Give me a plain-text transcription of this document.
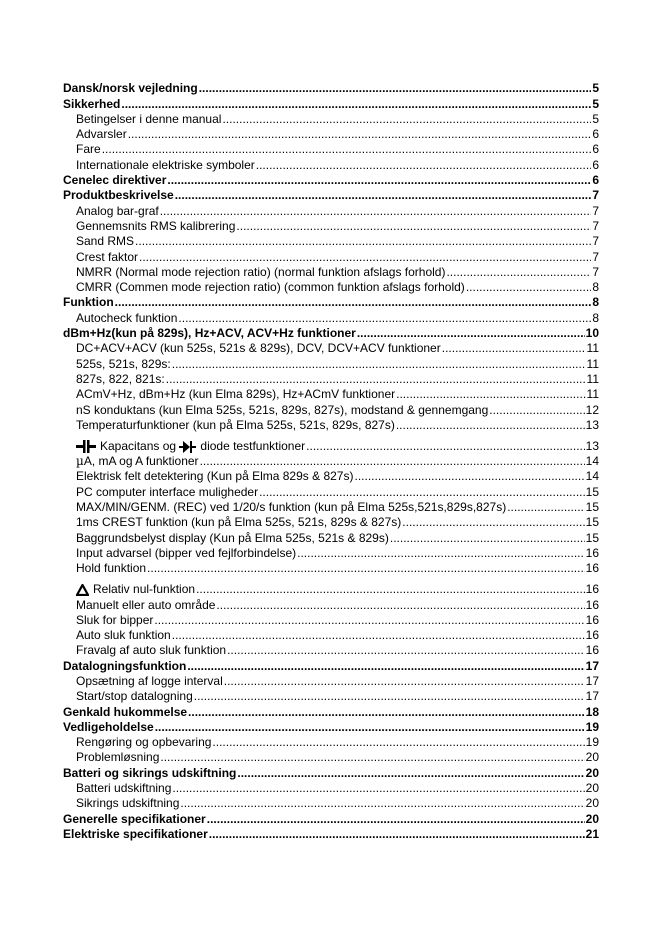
Dansk/norsk vejledning .....	5
Sikkerhed .....	5
Betingelser i denne manual .....	5
Advarsler .....	6
Fare .....	6
Internationale elektriske symboler .....	6
Cenelec direktiver .....	6
Produktbeskrivelse .....	7
Analog bar-graf .....	7
Gennemsnits RMS kalibrering .....	7
Sand RMS .....	7
Crest faktor .....	7
NMRR (Normal mode rejection ratio) (normal funktion afslags forhold) .....	7
CMRR (Commen mode rejection ratio) (common funktion afslags forhold) .....	8
Funktion .....	8
Autocheck funktion .....	8
dBm+Hz(kun på 829s), Hz+ACV, ACV+Hz funktioner .....	10
DC+ACV+ACV (kun 525s, 521s & 829s), DCV, DCV+ACV funktioner .....	11
525s, 521s, 829s: .....	11
827s, 822, 821s: .....	11
ACmV+Hz, dBm+Hz (kun Elma 829s), Hz+ACmV funktioner .....	11
nS konduktans (kun Elma 525s, 521s, 829s, 827s), modstand & gennemgang .....	12
Temperaturfunktioner (kun på Elma 525s, 521s, 829s, 827s) .....	13
Kapacitans og
diode testfunktioner .....	13
µ A, mA og A funktioner .....	14
Elektrisk felt detektering (Kun på Elma 829s & 827s) .....	14
PC computer interface muligheder .....	15
MAX/MIN/GENM. (REC) ved 1/20/s funktion (kun på Elma 525s,521s,829s,827s) .....	15
1ms CREST funktion (kun på Elma 525s, 521s, 829s & 827s) .....	15
Baggrundsbelyst display (Kun på Elma 525s, 521s & 829s) .....	15
Input advarsel (bipper ved fejlforbindelse) .....	16
Hold funktion .....	16
Relativ nul-funktion .....	16
Manuelt eller auto område .....	16
Sluk for bipper .....	16
Auto sluk funktion .....	16
Fravalg af auto sluk funktion .....	16
Datalogningsfunktion .....	17
Opsætning af logge interval .....	17
Start/stop datalogning .....	17
Genkald hukommelse .....	18
Vedligeholdelse .....	19
Rengøring og opbevaring .....	19
Problemløsning .....	20
Batteri og sikrings udskiftning .....	20
Batteri udskiftning .....	20
Sikrings udskiftning .....	20
Generelle specifikationer .....	20
Elektriske specifikationer .....	21
